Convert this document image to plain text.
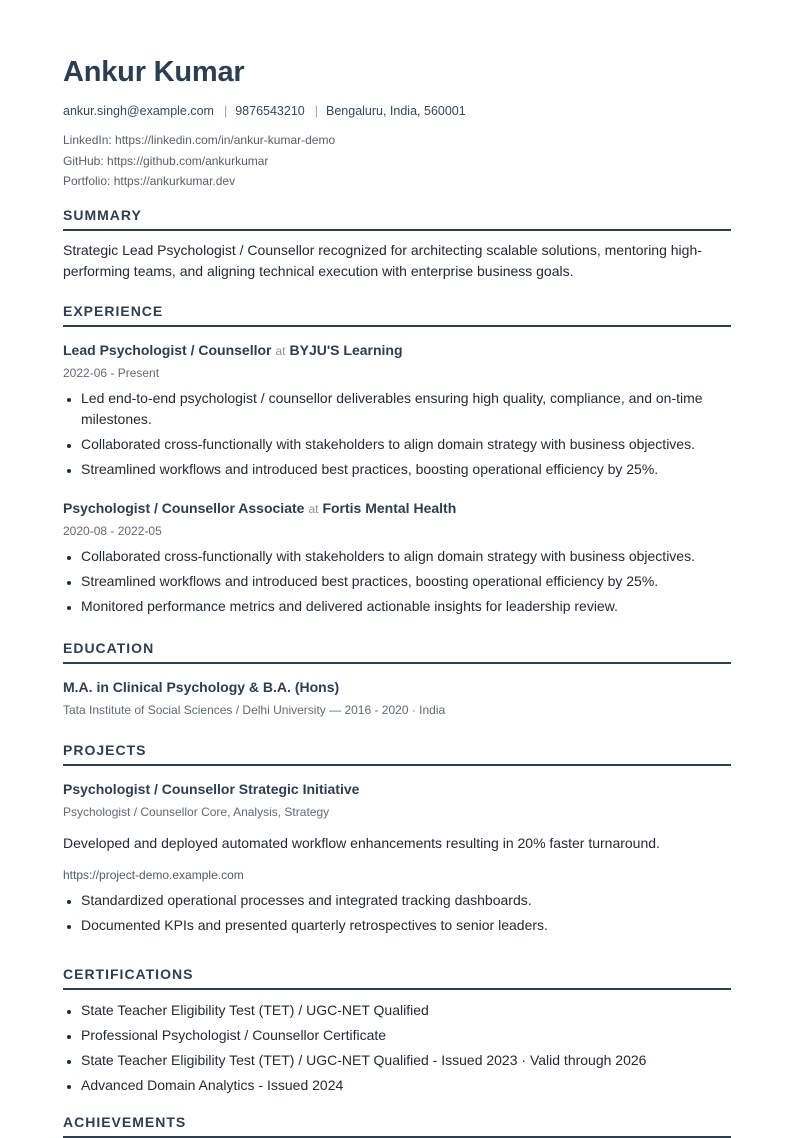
Ankur Kumar
ankur.singh@example.com | 9876543210 | Bengaluru, India, 560001
LinkedIn: https://linkedin.com/in/ankur-kumar-demo
GitHub: https://github.com/ankurkumar
Portfolio: https://ankurkumar.dev
SUMMARY

Strategic Lead Psychologist / Counsellor recognized for architecting scalable solutions, mentoring high-performing teams, and aligning technical execution with enterprise business goals.

EXPERIENCE
Lead Psychologist / Counsellor at BYJU'S Learning
2022-06 - Present
• Led end-to-end psychologist / counsellor deliverables ensuring high quality, compliance, and on-time milestones.
• Collaborated cross-functionally with stakeholders to align domain strategy with business objectives.
• Streamlined workflows and introduced best practices, boosting operational efficiency by 25%.
Psychologist / Counsellor Associate at Fortis Mental Health
2020-08 - 2022-05
• Collaborated cross-functionally with stakeholders to align domain strategy with business objectives.
• Streamlined workflows and introduced best practices, boosting operational efficiency by 25%.
• Monitored performance metrics and delivered actionable insights for leadership review.
EDUCATION
M.A. in Clinical Psychology & B.A. (Hons)
Tata Institute of Social Sciences / Delhi University — 2016 - 2020 · India
PROJECTS
Psychologist / Counsellor Strategic Initiative
Psychologist / Counsellor Core, Analysis, Strategy

Developed and deployed automated workflow enhancements resulting in 20% faster turnaround.

https://project-demo.example.com
• Standardized operational processes and integrated tracking dashboards.
• Documented KPIs and presented quarterly retrospectives to senior leaders.
CERTIFICATIONS
• State Teacher Eligibility Test (TET) / UGC-NET Qualified
• Professional Psychologist / Counsellor Certificate
• State Teacher Eligibility Test (TET) / UGC-NET Qualified - Issued 2023 · Valid through 2026
• Advanced Domain Analytics - Issued 2024
ACHIEVEMENTS
